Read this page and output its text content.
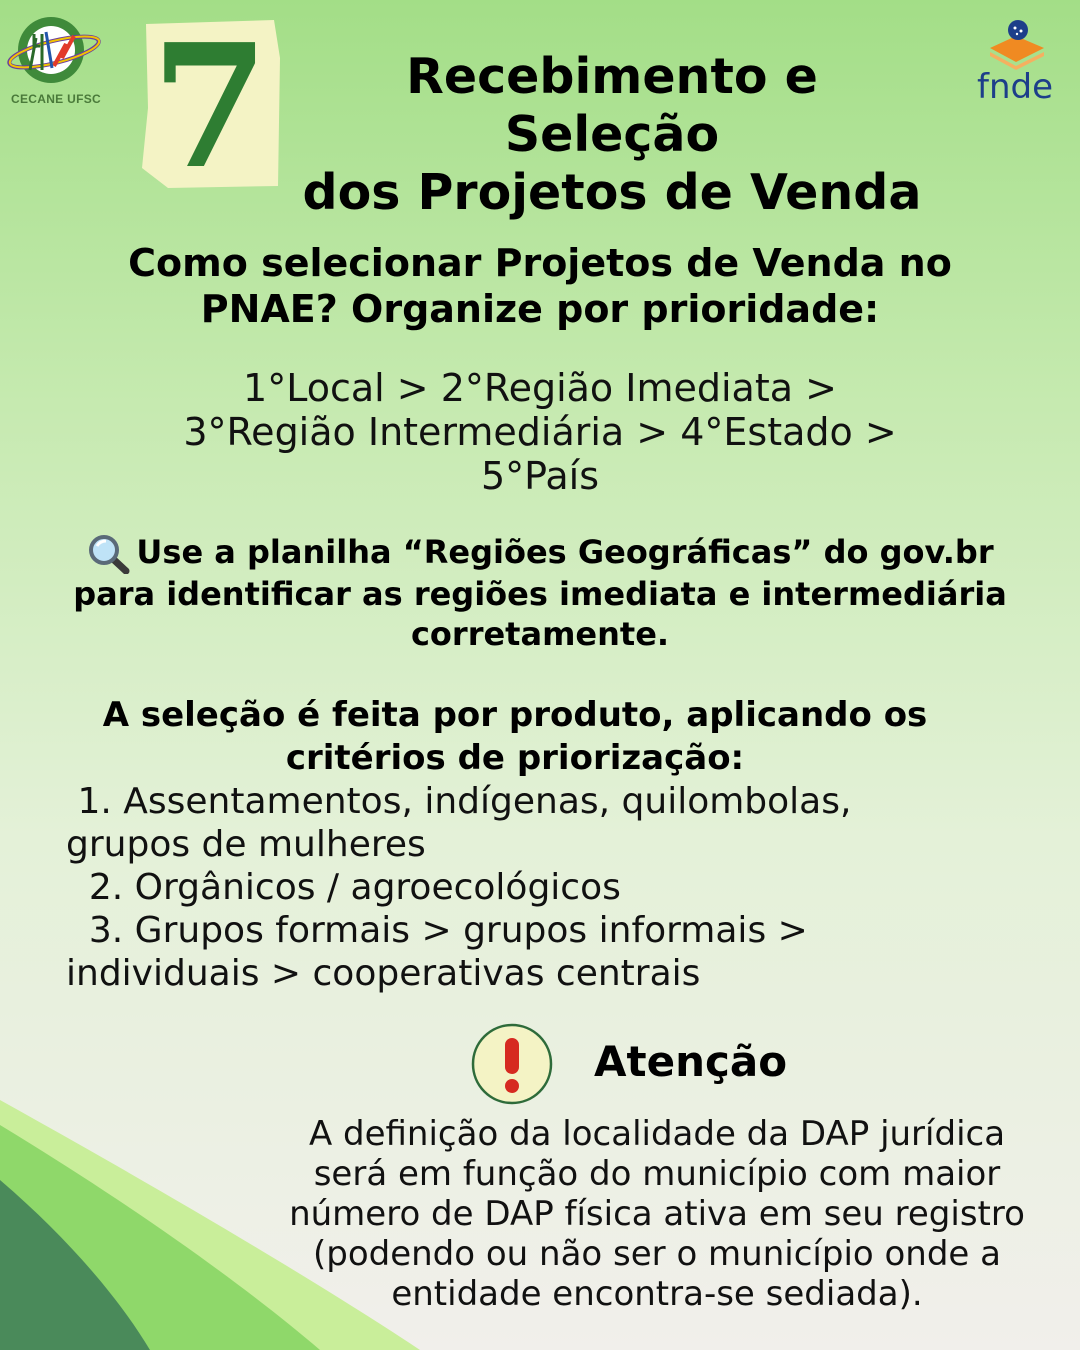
CECANE UFSC 7	fnde
Recebimento e Seleção
dos Projetos de Venda
Como selecionar Projetos de Venda no
PNAE? Organize por prioridade:
1°Local > 2°Região Imediata >
3°Região Intermediária > 4°Estado >
5°País
Use a planilha “Regiões Geográficas” do gov.br
para identificar as regiões imediata e intermediária
corretamente.
A seleção é feita por produto, aplicando os
critérios de priorização:
1. Assentamentos, indígenas, quilombolas,
grupos de mulheres
2. Orgânicos / agroecológicos
3. Grupos formais > grupos informais >
individuais > cooperativas centrais
Atenção
A definição da localidade da DAP jurídica
será em função do município com maior
número de DAP física ativa em seu registro
(podendo ou não ser o município onde a
entidade encontra-se sediada).
